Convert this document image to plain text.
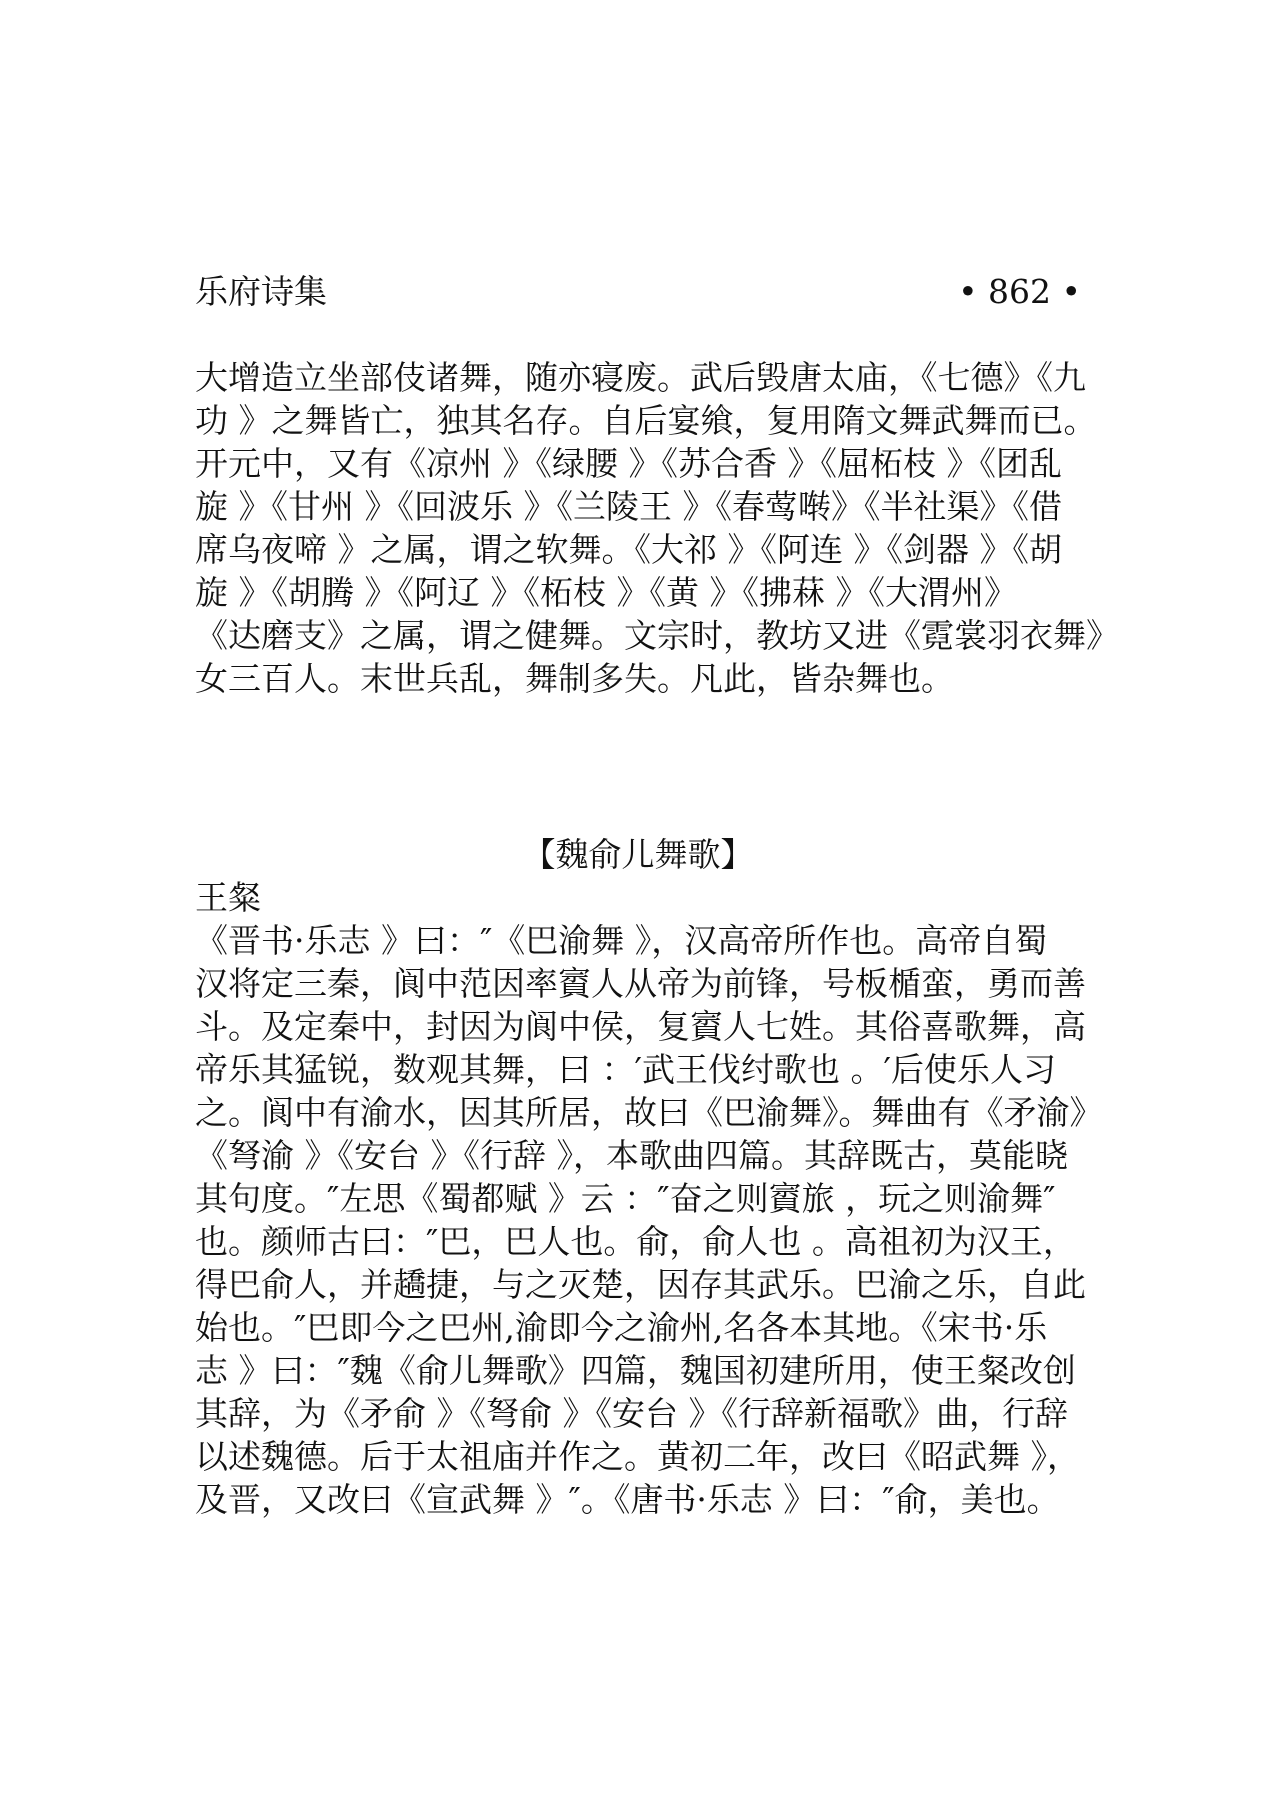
乐府诗集	• 862 •
大增造立坐部伎诸舞，随亦寝废。武后毁唐太庙，《七德》《九
功 》之舞皆亡，独其名存。自后宴飨，复用隋文舞武舞而已。
开元中，又有《凉州 》《绿腰 》《苏合香 》《屈柘枝 》《团乱
旋 》《甘州 》《回波乐 》《兰陵王 》《春莺啭》《半社渠》《借
席乌夜啼 》之属，谓之软舞。《大祁 》《阿连 》《剑器 》《胡
旋 》《胡腾 》《阿辽 》《柘枝 》《黄 》《拂菻 》《大渭州》
《达磨支》之属，谓之健舞。文宗时，教坊又进《霓裳羽衣舞》
女三百人。末世兵乱，舞制多失。凡此，皆杂舞也。
【魏俞儿舞歌】
王粲
《晋书·乐志 》曰：″《巴渝舞 》，汉高帝所作也。高帝自蜀
汉将定三秦，阆中范因率賨人从帝为前锋，号板楯蛮，勇而善
斗。及定秦中，封因为阆中侯，复賨人七姓。其俗喜歌舞，高
帝乐其猛锐，数观其舞，曰 ：′武王伐纣歌也 。′后使乐人习
之。阆中有渝水，因其所居，故曰《巴渝舞》。舞曲有《矛渝》
《弩渝 》《安台 》《行辞 》，本歌曲四篇。其辞既古，莫能晓
其句度。″左思《蜀都赋 》云 ：″奋之则賨旅 ，玩之则渝舞″
也。颜师古曰：″巴，巴人也。俞，俞人也 。高祖初为汉王，
得巴俞人，并趫捷，与之灭楚，因存其武乐。巴渝之乐，自此
始也。″巴即今之巴州,渝即今之渝州,名各本其地。《宋书·乐
志 》曰：″魏《俞儿舞歌》四篇，魏国初建所用，使王粲改创
其辞，为《矛俞 》《弩俞 》《安台 》《行辞新福歌》曲，行辞
以述魏德。后于太祖庙并作之。黄初二年，改曰《昭武舞 》，
及晋，又改曰《宣武舞 》″。《唐书·乐志 》曰：″俞，美也。
